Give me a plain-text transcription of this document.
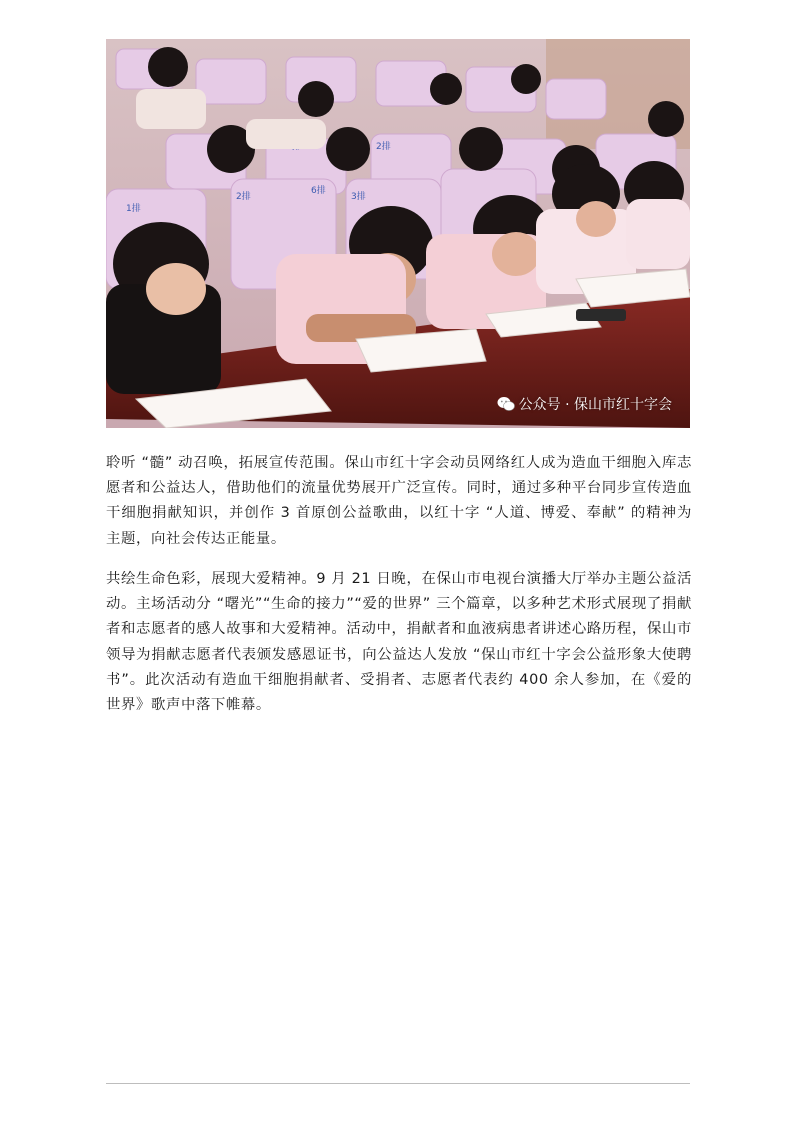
1排
2排	3排
6排
2排
公众号 · 保山市红十字会

聆听 “髓” 动召唤，拓展宣传范围。保山市红十字会动员网络红人成为造血干细胞入库志愿者和公益达人，借助他们的流量优势展开广泛宣传。同时，通过多种平台同步宣传造血干细胞捐献知识，并创作 3 首原创公益歌曲，以红十字 “人道、博爱、奉献” 的精神为主题，向社会传达正能量。

共绘生命色彩，展现大爱精神。9 月 21 日晚，在保山市电视台演播大厅举办主题公益活动。主场活动分 “曙光”“生命的接力”“爱的世界” 三个篇章，以多种艺术形式展现了捐献者和志愿者的感人故事和大爱精神。活动中，捐献者和血液病患者讲述心路历程，保山市领导为捐献志愿者代表颁发感恩证书，向公益达人发放 “保山市红十字会公益形象大使聘书”。此次活动有造血干细胞捐献者、受捐者、志愿者代表约 400 余人参加，在《爱的世界》歌声中落下帷幕。
